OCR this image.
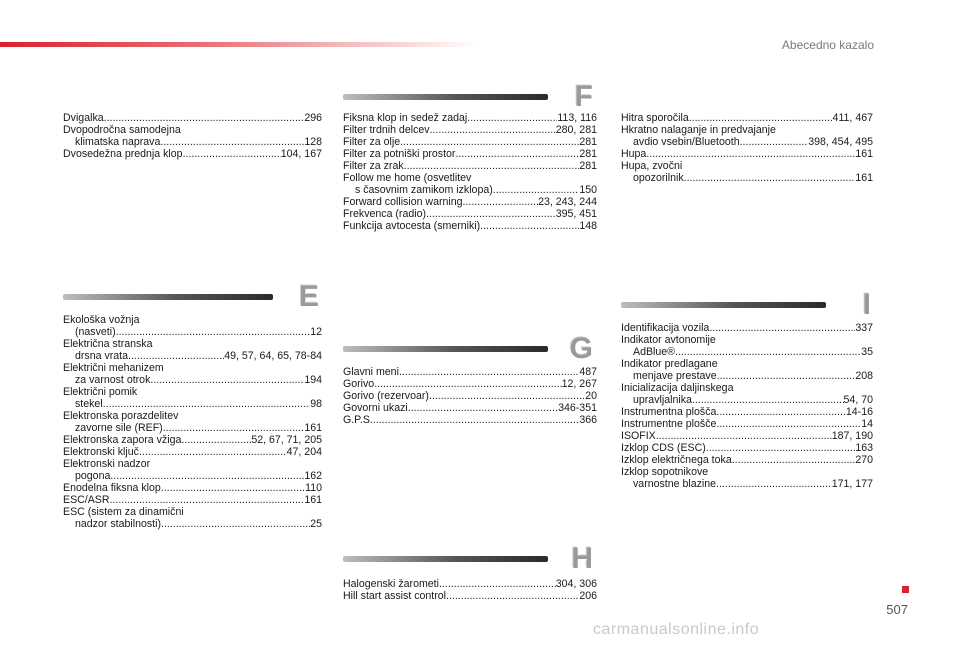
Abecedno kazalo
F
E	I
G
H
Dvigalka .....	296
Dvopodročna samodejna
klimatska naprava .....	128
Dvosedežna prednja klop .....	104, 167
Ekološka vožnja
(nasveti) .....	12
Električna stranska
drsna vrata .....	49, 57, 64, 65, 78-84
Električni mehanizem
za varnost otrok .....	194
Električni pomik
stekel .....	98
Elektronska porazdelitev
zavorne sile (REF) .....	161
Elektronska zapora vžiga .....	52, 67, 71, 205
Elektronski ključ .....	47, 204
Elektronski nadzor
pogona .....	162
Enodelna fiksna klop .....	110
ESC/ASR .....	161
ESC (sistem za dinamični
nadzor stabilnosti) .....	25
Fiksna klop in sedež zadaj .....	113, 116
Filter trdnih delcev .....	280, 281
Filter za olje .....	281
Filter za potniški prostor .....	281
Filter za zrak .....	281
Follow me home (osvetlitev
s časovnim zamikom izklopa) .....	150
Forward collision warning .....	23, 243, 244
Frekvenca (radio) .....	395, 451
Funkcija avtocesta (smerniki) .....	148
Glavni meni .....	487
Gorivo .....	12, 267
Gorivo (rezervoar) .....	20
Govorni ukazi .....	346-351
G.P.S. .....	366
Halogenski žarometi .....	304, 306
Hill start assist control .....	206
Hitra sporočila .....	411, 467
Hkratno nalaganje in predvajanje
avdio vsebin/Bluetooth .....	398, 454, 495
Hupa .....	161
Hupa, zvočni
opozorilnik .....	161
Identifikacija vozila .....	337
Indikator avtonomije
AdBlue® .....	35
Indikator predlagane
menjave prestave .....	208
Inicializacija daljinskega
upravljalnika .....	54, 70
Instrumentna plošča .....	14-16
Instrumentne plošče .....	14
ISOFIX .....	187, 190
Izklop CDS (ESC) .....	163
Izklop električnega toka .....	270
Izklop sopotnikove
varnostne blazine .....	171, 177
507
carmanualsonline.info
